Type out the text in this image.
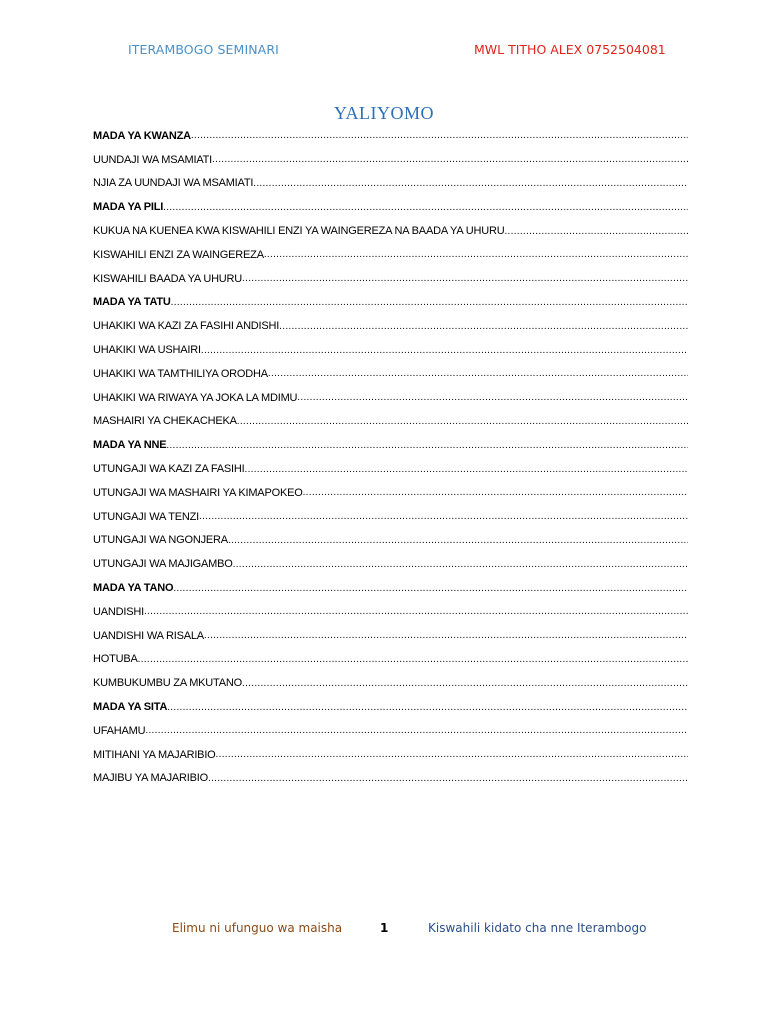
ITERAMBOGO SEMINARI	MWL TITHO ALEX 0752504081
YALIYOMO
MADA YA KWANZA
.....
UUNDAJI WA MSAMIATI
.....
NJIA ZA UUNDAJI WA MSAMIATI
.....
MADA YA PILI
.....
KUKUA NA KUENEA KWA KISWAHILI ENZI YA WAINGEREZA NA BAADA YA UHURU
.....
KISWAHILI ENZI ZA WAINGEREZA
.....
KISWAHILI BAADA YA UHURU
.....
MADA YA TATU
.....
UHAKIKI WA KAZI ZA FASIHI ANDISHI
.....
UHAKIKI WA USHAIRI
.....
UHAKIKI WA TAMTHILIYA ORODHA
.....
UHAKIKI WA RIWAYA YA JOKA LA MDIMU
.....
MASHAIRI YA CHEKACHEKA
.....
MADA YA NNE
.....
UTUNGAJI WA KAZI ZA FASIHI
.....
UTUNGAJI WA MASHAIRI YA KIMAPOKEO
.....
UTUNGAJI WA TENZI
.....
UTUNGAJI WA NGONJERA
.....
UTUNGAJI WA MAJIGAMBO
.....
MADA YA TANO
.....
UANDISHI
.....
UANDISHI WA RISALA
.....
HOTUBA
.....
KUMBUKUMBU ZA MKUTANO
.....
MADA YA SITA
.....
UFAHAMU
.....
MITIHANI YA MAJARIBIO
.....
MAJIBU YA MAJARIBIO
.....
Elimu ni ufunguo wa maisha	1	Kiswahili kidato cha nne Iterambogo
